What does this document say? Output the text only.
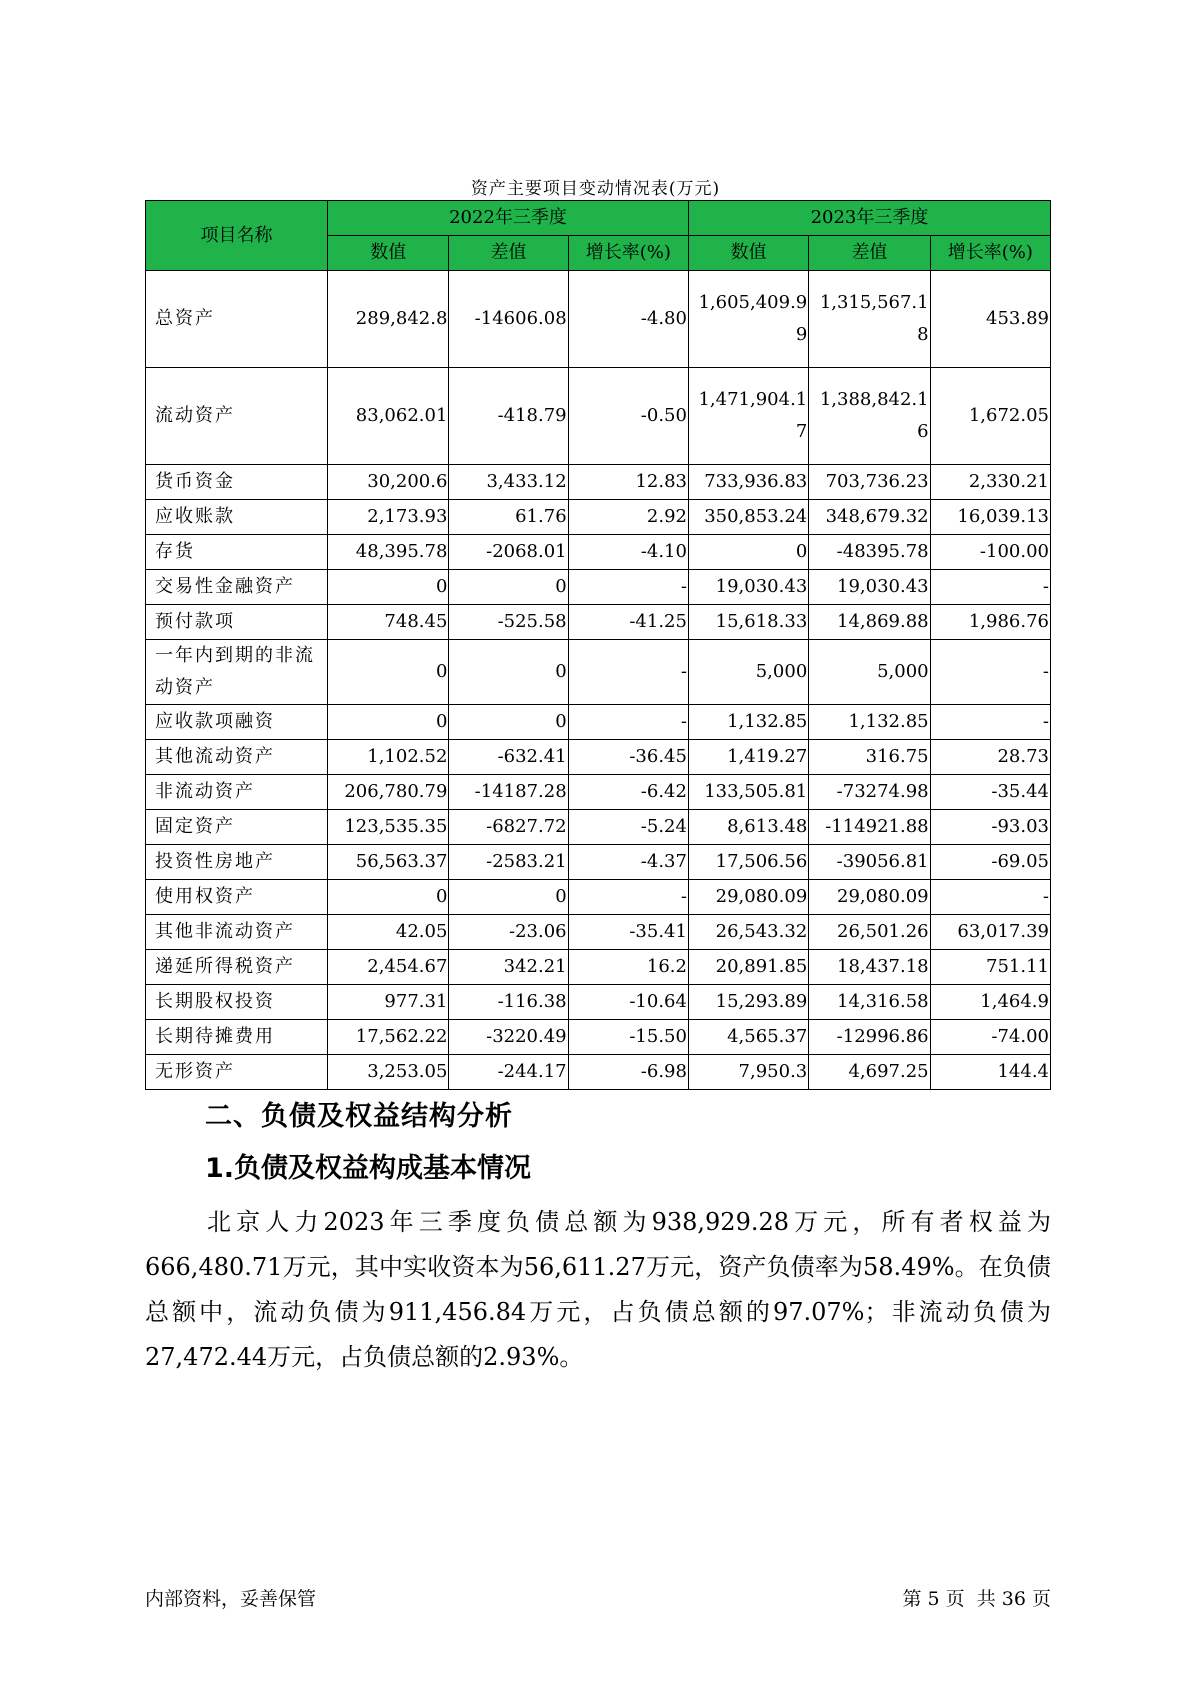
资产主要项目变动情况表(万元)
项目名称	2022年三季度			2023年三季度		
	数值	差值	增长率(%)	数值	差值	增长率(%)
总资产	289,842.8	-14606.08	-4.80	1,605,409.99	1,315,567.18	453.89
流动资产	83,062.01	-418.79	-0.50	1,471,904.17	1,388,842.16	1,672.05
货币资金	30,200.6	3,433.12	12.83	733,936.83	703,736.23	2,330.21
应收账款	2,173.93	61.76	2.92	350,853.24	348,679.32	16,039.13
存货	48,395.78	-2068.01	-4.10	0	-48395.78	-100.00
交易性金融资产	0	0	-	19,030.43	19,030.43	-
预付款项	748.45	-525.58	-41.25	15,618.33	14,869.88	1,986.76
一年内到期的非流动资产	0	0	-	5,000	5,000	-
应收款项融资	0	0	-	1,132.85	1,132.85	-
其他流动资产	1,102.52	-632.41	-36.45	1,419.27	316.75	28.73
非流动资产	206,780.79	-14187.28	-6.42	133,505.81	-73274.98	-35.44
固定资产	123,535.35	-6827.72	-5.24	8,613.48	-114921.88	-93.03
投资性房地产	56,563.37	-2583.21	-4.37	17,506.56	-39056.81	-69.05
使用权资产	0	0	-	29,080.09	29,080.09	-
其他非流动资产	42.05	-23.06	-35.41	26,543.32	26,501.26	63,017.39
递延所得税资产	2,454.67	342.21	16.2	20,891.85	18,437.18	751.11
长期股权投资	977.31	-116.38	-10.64	15,293.89	14,316.58	1,464.9
长期待摊费用	17,562.22	-3220.49	-15.50	4,565.37	-12996.86	-74.00
无形资产	3,253.05	-244.17	-6.98	7,950.3	4,697.25	144.4
二、负债及权益结构分析
1.负债及权益构成基本情况
北京人力2023年三季度负债总额为938,929.28万元，所有者权益为666,480.71万元，其中实收资本为56,611.27万元，资产负债率为58.49%。在负债总额中，流动负债为911,456.84万元，占负债总额的97.07%；非流动负债为27,472.44万元，占负债总额的2.93%。
内部资料，妥善保管	第 5 页  共 36 页
